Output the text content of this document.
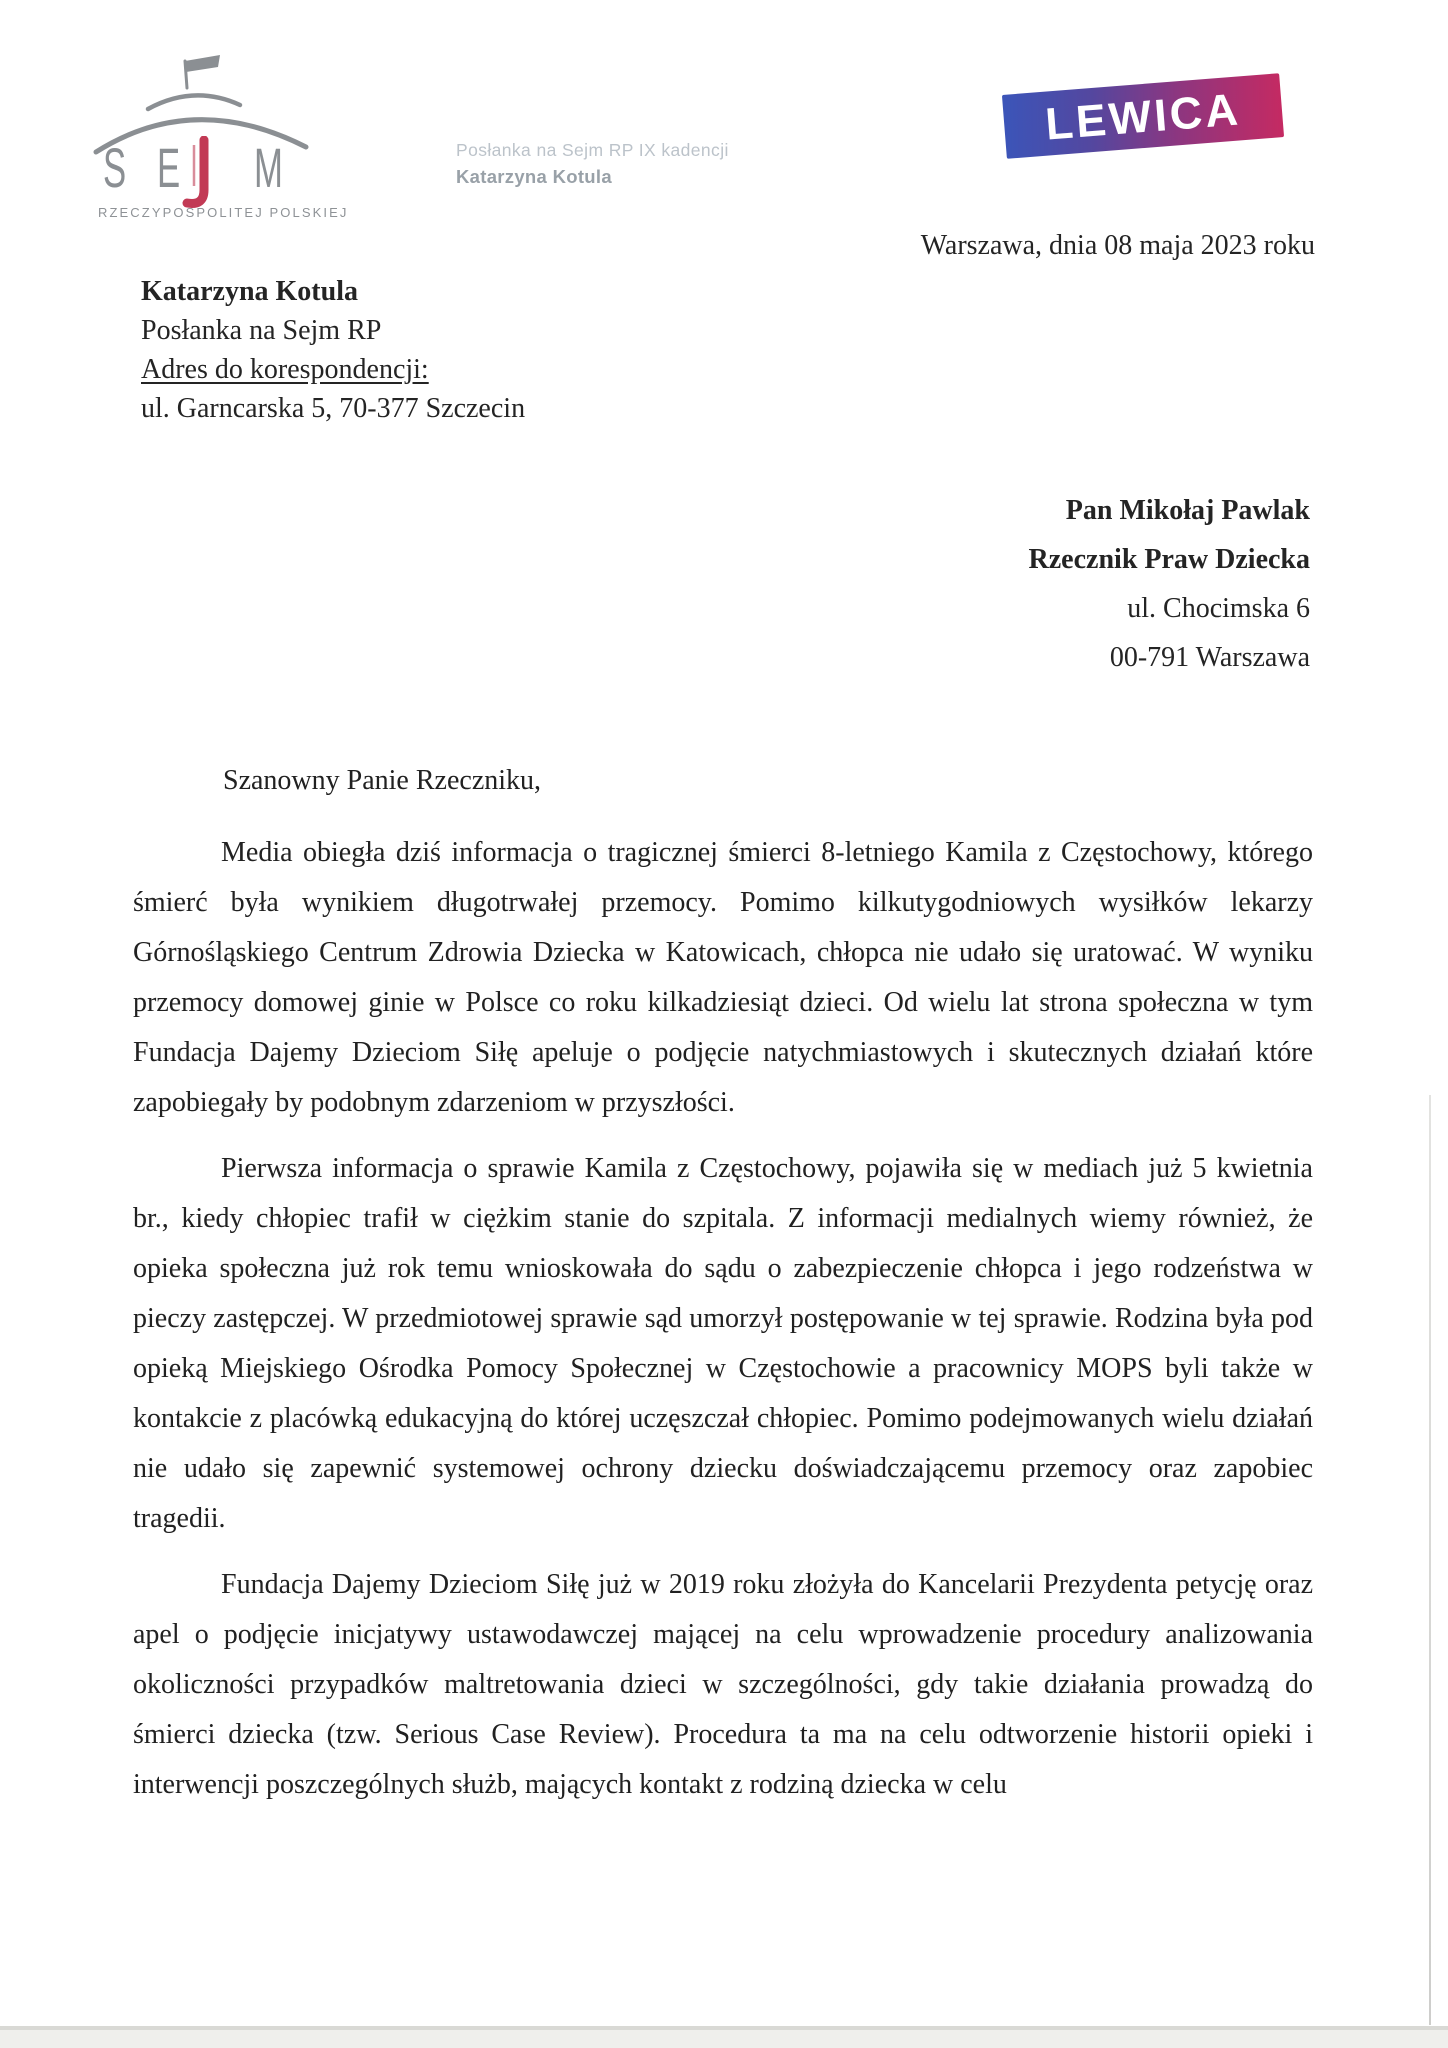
S E M
RZECZYPOSPOLITEJ POLSKIEJ
Posłanka na Sejm RP IX kadencji
Katarzyna Kotula
LEWICA
Warszawa, dnia 08 maja 2023 roku
Katarzyna Kotula
Posłanka na Sejm RP
Adres do korespondencji:
ul. Garncarska 5, 70-377 Szczecin
Pan Mikołaj Pawlak
Rzecznik Praw Dziecka
ul. Chocimska 6
00-791 Warszawa
Szanowny Panie Rzeczniku,

Media obiegła dziś informacja o tragicznej śmierci 8-letniego Kamila z Częstochowy, którego śmierć była wynikiem długotrwałej przemocy. Pomimo kilkutygodniowych wysiłków lekarzy Górnośląskiego Centrum Zdrowia Dziecka w Katowicach, chłopca nie udało się uratować. W wyniku przemocy domowej ginie w Polsce co roku kilkadziesiąt dzieci. Od wielu lat strona społeczna w tym Fundacja Dajemy Dzieciom Siłę apeluje o podjęcie natychmiastowych i skutecznych działań które zapobiegały by podobnym zdarzeniom w przyszłości.

Pierwsza informacja o sprawie Kamila z Częstochowy, pojawiła się w mediach już 5 kwietnia br., kiedy chłopiec trafił w ciężkim stanie do szpitala. Z informacji medialnych wiemy również, że opieka społeczna już rok temu wnioskowała do sądu o zabezpieczenie chłopca i jego rodzeństwa w pieczy zastępczej. W przedmiotowej sprawie sąd umorzył postępowanie w tej sprawie. Rodzina była pod opieką Miejskiego Ośrodka Pomocy Społecznej w Częstochowie a pracownicy MOPS byli także w kontakcie z placówką edukacyjną do której uczęszczał chłopiec. Pomimo podejmowanych wielu działań nie udało się zapewnić systemowej ochrony dziecku doświadczającemu przemocy oraz zapobiec tragedii.

Fundacja Dajemy Dzieciom Siłę już w 2019 roku złożyła do Kancelarii Prezydenta petycję oraz apel o podjęcie inicjatywy ustawodawczej mającej na celu wprowadzenie procedury analizowania okoliczności przypadków maltretowania dzieci w szczególności, gdy takie działania prowadzą do śmierci dziecka (tzw. Serious Case Review). Procedura ta ma na celu odtworzenie historii opieki i interwencji poszczególnych służb, mających kontakt z rodziną dziecka w celu
